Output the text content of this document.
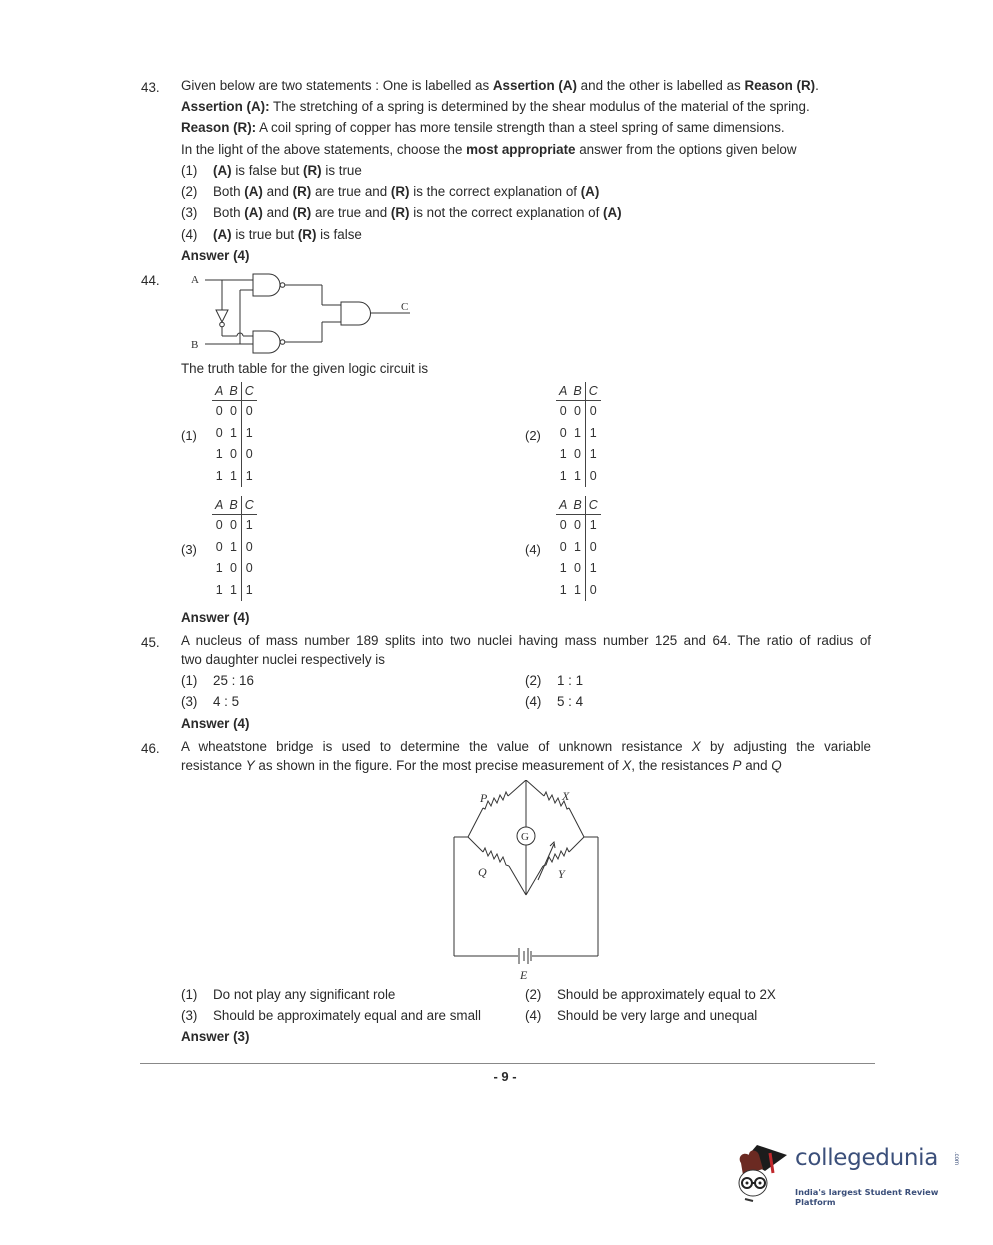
43. Given below are two statements : One is labelled as Assertion (A) and the other is labelled as Reason (R).
Assertion (A): The stretching of a spring is determined by the shear modulus of the material of the spring.
Reason (R): A coil spring of copper has more tensile strength than a steel spring of same dimensions.
In the light of the above statements, choose the most appropriate answer from the options given below
(1) (A) is false but (R) is true
(2) Both (A) and (R) are true and (R) is the correct explanation of (A)
(3) Both (A) and (R) are true and (R) is not the correct explanation of (A)
(4) (A) is true but (R) is false
Answer (4)
44.	A
B
C
The truth table for the given logic circuit is
(1)
A	B	C
0	0	0
0	1	1
1	0	0
1	1	1
(2)
A	B	C
0	0	0
0	1	1
1	0	1
1	1	0
(3)
A	B	C
0	0	1
0	1	0
1	0	0
1	1	1
(4)
A	B	C
0	0	1
0	1	0
1	0	1
1	1	0
Answer (4)
45. A nucleus of mass number 189 splits into two nuclei having mass number 125 and 64. The ratio of radius of
two daughter nuclei respectively is
(1) 25 : 16	(2) 1 : 1
(3) 4 : 5	(4) 5 : 4
Answer (4)
46. A wheatstone bridge is used to determine the value of unknown resistance X by adjusting the variable
resistance Y as shown in the figure. For the most precise measurement of X, the resistances P and Q
P	X
Q	Y
G
E
(1) Do not play any significant role	(2) Should be approximately equal to 2X
(3) Should be approximately equal and are small	(4) Should be very large and unequal
Answer (3)
- 9 -
collegedunia .com
India's largest Student Review Platform
